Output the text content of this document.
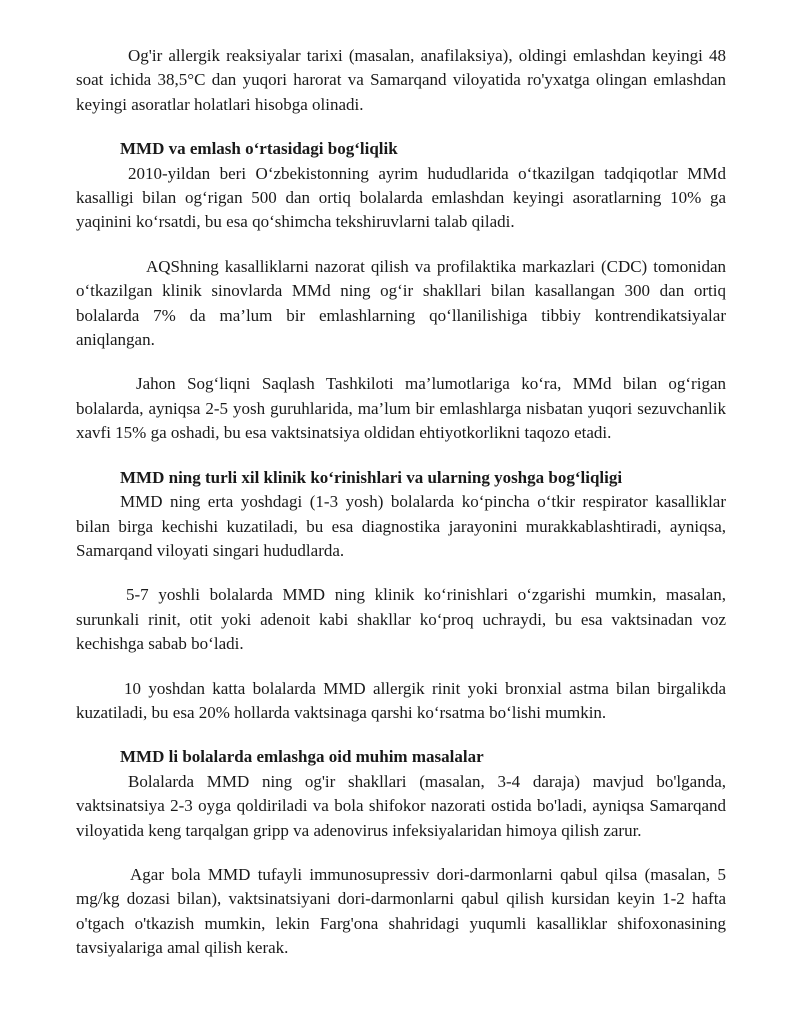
Og'ir allergik reaksiyalar tarixi (masalan, anafilaksiya), oldingi emlashdan keyingi 48 soat ichida 38,5°C dan yuqori harorat va Samarqand viloyatida ro'yxatga olingan emlashdan keyingi asoratlar holatlari hisobga olinadi.

MMD va emlash o‘rtasidagi bog‘liqlik

2010-yildan beri O‘zbekistonning ayrim hududlarida o‘tkazilgan tadqiqotlar MMd kasalligi bilan og‘rigan 500 dan ortiq bolalarda emlashdan keyingi asoratlarning 10% ga yaqinini ko‘rsatdi, bu esa qo‘shimcha tekshiruvlarni talab qiladi.

AQShning kasalliklarni nazorat qilish va profilaktika markazlari (CDC) tomonidan o‘tkazilgan klinik sinovlarda MMd ning og‘ir shakllari bilan kasallangan 300 dan ortiq bolalarda 7% da ma’lum bir emlashlarning qo‘llanilishiga tibbiy kontrendikatsiyalar aniqlangan.

Jahon Sog‘liqni Saqlash Tashkiloti ma’lumotlariga ko‘ra, MMd bilan og‘rigan bolalarda, ayniqsa 2-5 yosh guruhlarida, ma’lum bir emlashlarga nisbatan yuqori sezuvchanlik xavfi 15% ga oshadi, bu esa vaktsinatsiya oldidan ehtiyotkorlikni taqozo etadi.

MMD ning turli xil klinik ko‘rinishlari va ularning yoshga bog‘liqligi

MMD ning erta yoshdagi (1-3 yosh) bolalarda ko‘pincha o‘tkir respirator kasalliklar bilan birga kechishi kuzatiladi, bu esa diagnostika jarayonini murakkablashtiradi, ayniqsa, Samarqand viloyati singari hududlarda.

5-7 yoshli bolalarda MMD ning klinik ko‘rinishlari o‘zgarishi mumkin, masalan, surunkali rinit, otit yoki adenoit kabi shakllar ko‘proq uchraydi, bu esa vaktsinadan voz kechishga sabab bo‘ladi.

10 yoshdan katta bolalarda MMD allergik rinit yoki bronxial astma bilan birgalikda kuzatiladi, bu esa 20% hollarda vaktsinaga qarshi ko‘rsatma bo‘lishi mumkin.

MMD li bolalarda emlashga oid muhim masalalar

Bolalarda MMD ning og'ir shakllari (masalan, 3-4 daraja) mavjud bo'lganda, vaktsinatsiya 2-3 oyga qoldiriladi va bola shifokor nazorati ostida bo'ladi, ayniqsa Samarqand viloyatida keng tarqalgan gripp va adenovirus infeksiyalaridan himoya qilish zarur.

Agar bola MMD tufayli immunosupressiv dori-darmonlarni qabul qilsa (masalan, 5 mg/kg dozasi bilan), vaktsinatsiyani dori-darmonlarni qabul qilish kursidan keyin 1-2 hafta o'tgach o'tkazish mumkin, lekin Farg'ona shahridagi yuqumli kasalliklar shifoxonasining tavsiyalariga amal qilish kerak.
